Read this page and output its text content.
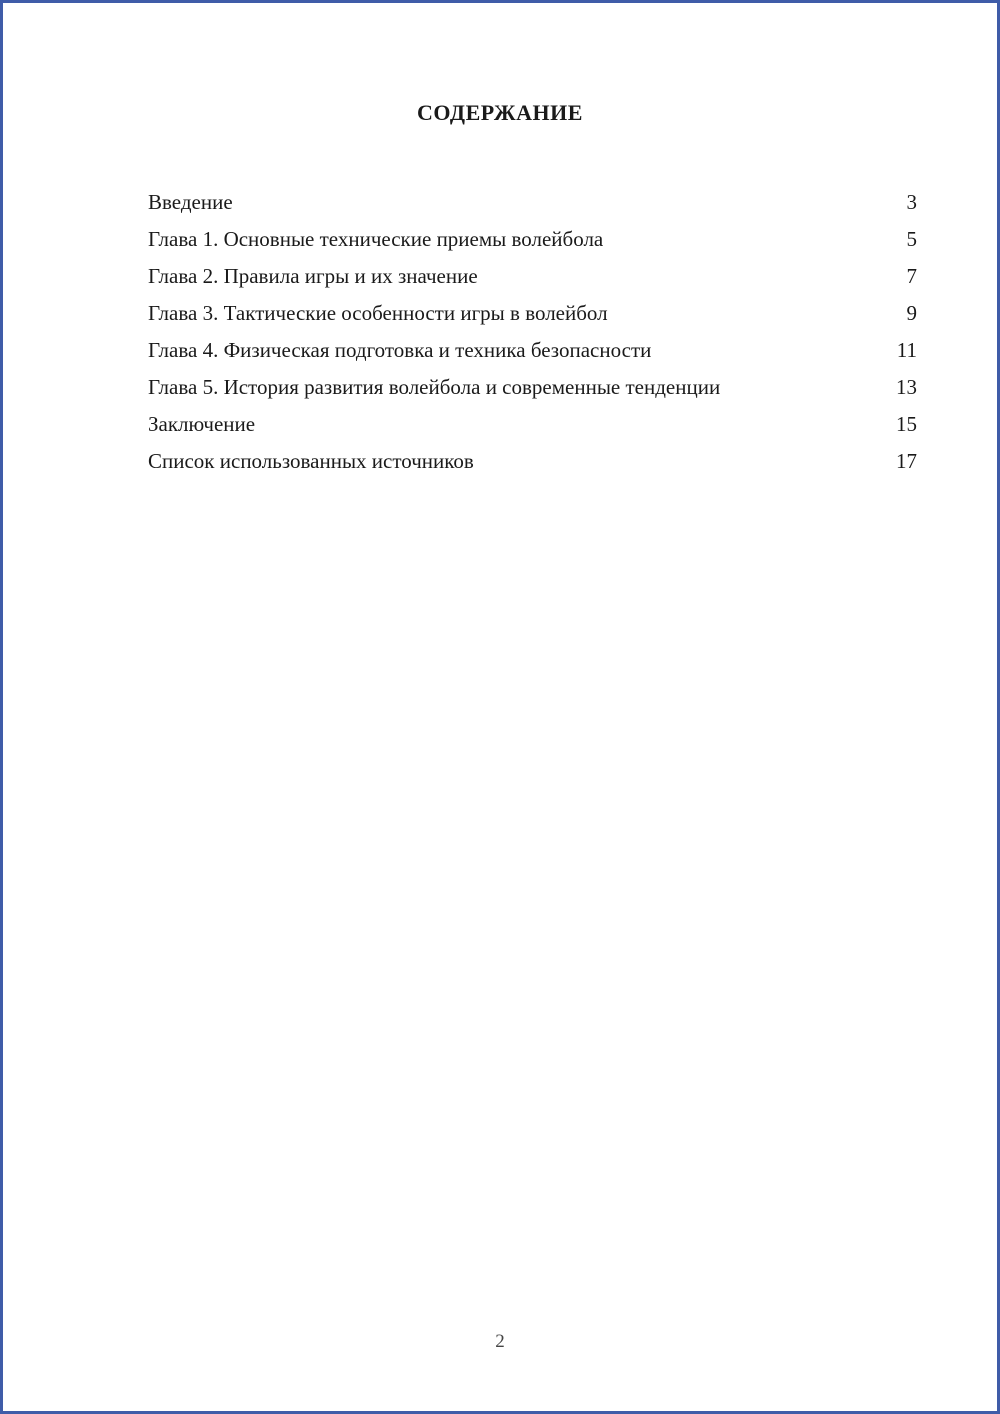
СОДЕРЖАНИЕ
Введение	3
Глава 1. Основные технические приемы волейбола	5
Глава 2. Правила игры и их значение	7
Глава 3. Тактические особенности игры в волейбол	9
Глава 4. Физическая подготовка и техника безопасности	11
Глава 5. История развития волейбола и современные тенденции	13
Заключение	15
Список использованных источников	17
2
